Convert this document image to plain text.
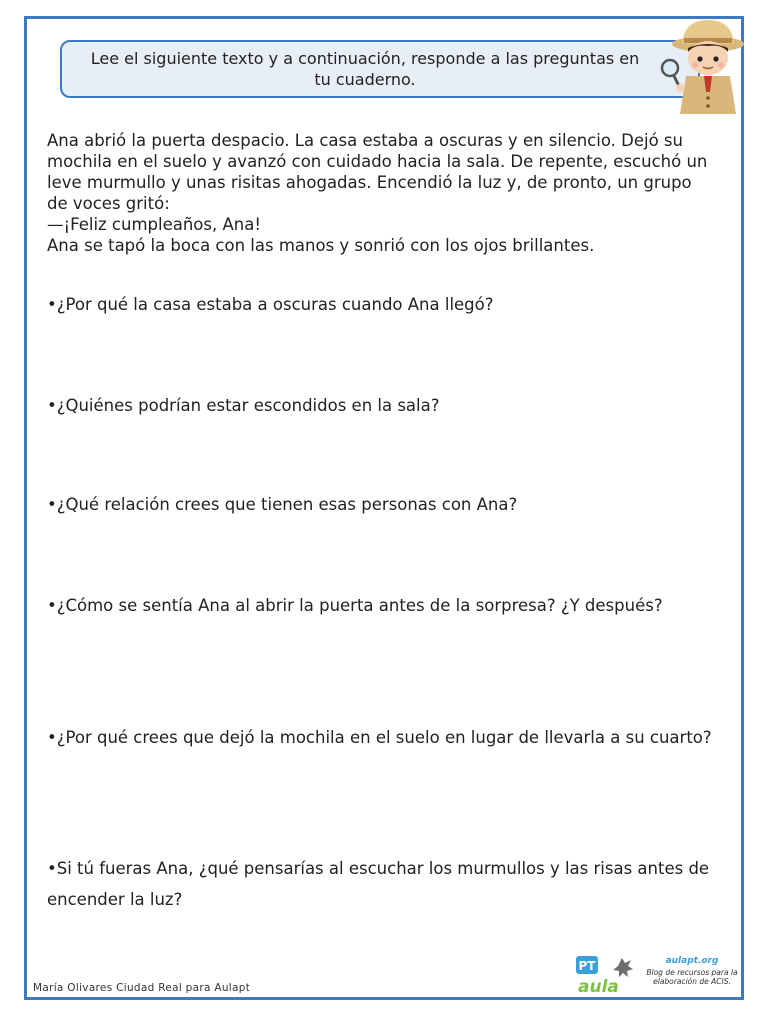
Lee el siguiente texto y a continuación, responde a las preguntas en tu cuaderno.

Ana abrió la puerta despacio. La casa estaba a oscuras y en silencio. Dejó su mochila en el suelo y avanzó con cuidado hacia la sala. De repente, escuchó un leve murmullo y unas risitas ahogadas. Encendió la luz y, de pronto, un grupo de voces gritó:

—¡Feliz cumpleaños, Ana!

Ana se tapó la boca con las manos y sonrió con los ojos brillantes.

•¿Por qué la casa estaba a oscuras cuando Ana llegó?
•¿Quiénes podrían estar escondidos en la sala?
•¿Qué relación crees que tienen esas personas con Ana?
•¿Cómo se sentía Ana al abrir la puerta antes de la sorpresa? ¿Y después?
•¿Por qué crees que dejó la mochila en el suelo en lugar de llevarla a su cuarto?
•Si tú fueras Ana, ¿qué pensarías al escuchar los murmullos y las risas antes de encender la luz?
María Olivares Ciudad Real para Aulapt
PT
aula
aulapt.org
Blog de recursos para la elaboración de ACIS.
